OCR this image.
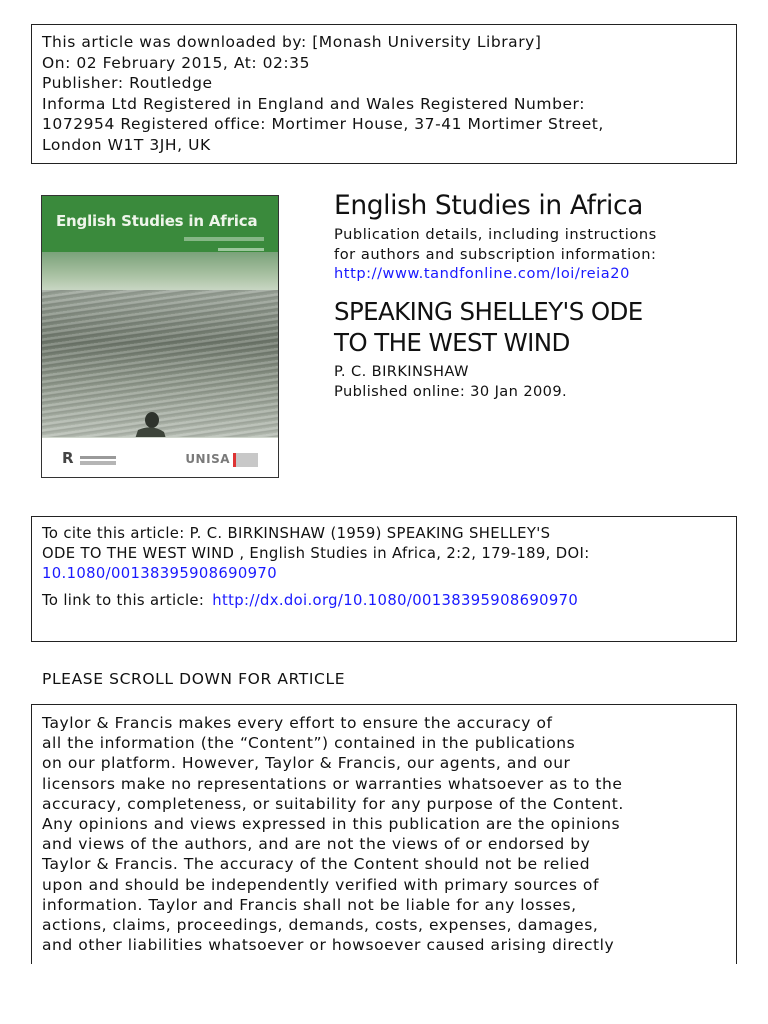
This article was downloaded by: [Monash University Library]
On: 02 February 2015, At: 02:35
Publisher: Routledge
Informa Ltd Registered in England and Wales Registered Number:
1072954 Registered office: Mortimer House, 37-41 Mortimer Street,
London W1T 3JH, UK
English Studies in Africa
R	UNISA
English Studies in Africa
Publication details, including instructions
for authors and subscription information:
http://www.tandfonline.com/loi/reia20
SPEAKING SHELLEY'S ODE
TO THE WEST WIND
P. C. BIRKINSHAW
Published online: 30 Jan 2009.
To cite this article: P. C. BIRKINSHAW (1959) SPEAKING SHELLEY'S
ODE TO THE WEST WIND , English Studies in Africa, 2:2, 179-189, DOI:
10.1080/00138395908690970
To link to this article: http://dx.doi.org/10.1080/00138395908690970
PLEASE SCROLL DOWN FOR ARTICLE
Taylor & Francis makes every effort to ensure the accuracy of
all the information (the “Content”) contained in the publications
on our platform. However, Taylor & Francis, our agents, and our
licensors make no representations or warranties whatsoever as to the
accuracy, completeness, or suitability for any purpose of the Content.
Any opinions and views expressed in this publication are the opinions
and views of the authors, and are not the views of or endorsed by
Taylor & Francis. The accuracy of the Content should not be relied
upon and should be independently verified with primary sources of
information. Taylor and Francis shall not be liable for any losses,
actions, claims, proceedings, demands, costs, expenses, damages,
and other liabilities whatsoever or howsoever caused arising directly
